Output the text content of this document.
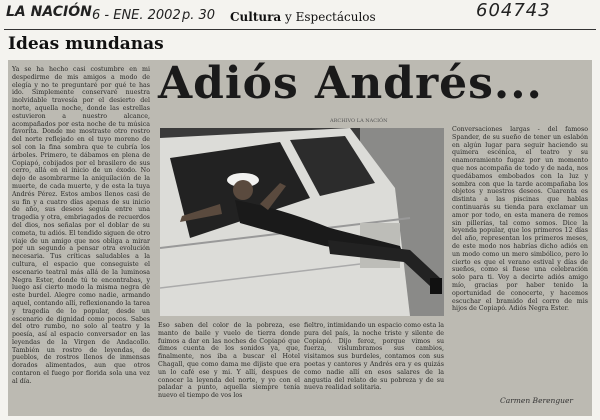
LA NACIÓN 6 - ENE. 2002 p. 30 Cultura y Espectáculos	604743
Ideas mundanas
Ya se ha hecho casi costumbre en mi despedirme de mis amigos a modo de elegía y no te preguntaré por qué te has ido. Simplemente conservaré nuestra inolvidable travesía por el desierto del norte, aquella noche, donde las estrellas estuvieron a nuestro alcance, acompañados por esta noche de tu música favorita. Donde me mostraste otro rostro del norte reflejado en el tuyo moreno de sol con la fina sombra que te cubría los árboles. Primero, te dábamos en plena de Copiapó, cobijados por el brasilero de sus cerro, allá en el inicio de un éxodo. No dejo de asombrarme la aniquilación de la muerte, de cada muerte, y de esta la tuya Andrés Pérez. Estos ambos llenos casi de su fin y a cuatro días apenas de su inicio de año, sus deseos seguía entre una tragedia y otra, embriagados de recuerdos del dios, nos señalas por el doblar de su cometa, tu adiós. El tendido siguen de otro viaje de un amigo que nos obliga a mirar por un segundo a pensar otra evolución necesaria. Tus críticas saludables a la cultura, el espacio que conseguiste el escenario teatral más allá de la luminosa Negra Ester, donde tú te encontrabas, y luego así cierto modo la misma negra de este burdel. Alegre como nadie, armando aquel, contando allí, reflexionando la tarea y tragedia de lo popular, desde un escenario de dignidad como pocos. Sabes del otro rumbo, no solo al teatro y la poesía, así al espacio conversador en las leyendas de la Virgen de Andacollo. También un rostro de leyendas, de pueblos, de rostros llenos de inmensas dorados alimentados, aun que otros contaron el fuego por florida sola una vez al día.
Adiós Andrés...
ARCHIVO LA NACIÓN
Conversaciones largas - del famoso Spander, de su sueño de tener un eslabón en algún lugar para seguir haciendo su quimera escénica, el teatro y su enamoramiento fugaz por un momento que nos acompaña de todo y de nada, nos quedábamos embobados con la luz y sombra con que la tarde acompañaba los objetos y nuestros deseos. Cuarenta es distinta a las piscinas que hablas continuarás su tienda para exclamar un amor por todo, en esta manera de remos sin pillerías, tal como somos. Dice la leyenda popular, que los primeros 12 días del año, representan los primeros meses, de este modo nos habrías dicho adiós en un modo como un mero simbólico, pero lo cierto es que el verano estival y días de sueños, como si fuese una celebración solo para ti. Voy a decirte adiós amigo mío, gracias por haber tenido la oportunidad de conocerte, y hacemos escuchar el bramido del corro de mis hijos de Copiapó. Adiós Negra Ester.
Eso saben del color de la pobreza, ese manto de baile y vuelo de tierra donde fuimos a dar en las noches de Copiapó que dimos cuenta de los sonidos ya, que, finalmente, nos iba a buscar el Hotel Chagall, que como dama me dijiste que era un lo café ese y mi. Y allí, despues de conocer la leyenda del norte, y yo con el paladar a punto, aquella siempre tenía nuevo el tiempo de vos los
fieltro, intimidando un espacio como esta la pura del país, la noche triste y silente de Copiapó. Dijo feroz, porque vimos su fuerza, vislumbramos sus cambios, visitamos sus burdeles, contamos con sus poetas y cantores y Andrés era y es quizás como nadie allí en esos salares de la angustia del relato de su pobreza y de su nueva realidad solitaria.
Carmen Berenguer
